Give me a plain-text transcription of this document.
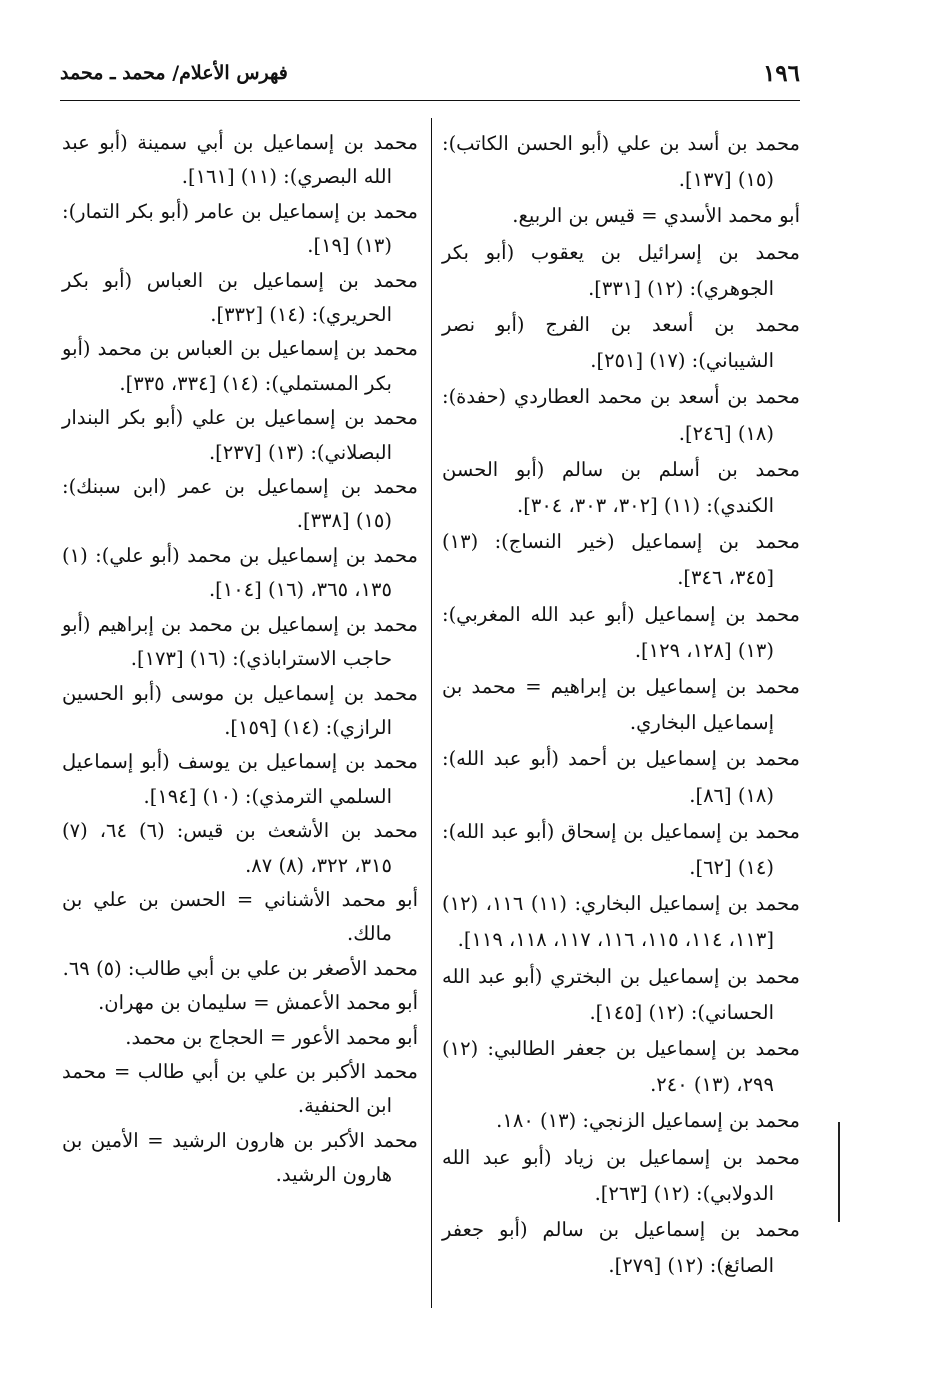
١٩٦
فهرس الأعلام/ محمد ـ محمد

محمد بن أسد بن علي (أبو الحسن الكاتب): (١٥) [١٣٧].

أبو محمد الأسدي = قيس بن الربيع.

محمد بن إسرائيل بن يعقوب (أبو بكر الجوهري): (١٢) [٣٣١].

محمد بن أسعد بن الفرج (أبو نصر الشيباني): (١٧) [٢٥١].

محمد بن أسعد بن محمد العطاردي (حفدة): (١٨) [٢٤٦].

محمد بن أسلم بن سالم (أبو الحسن الكندي): (١١) [٣٠٢، ٣٠٣، ٣٠٤].

محمد بن إسماعيل (خير النساج): (١٣) [٣٤٥، ٣٤٦].

محمد بن إسماعيل (أبو عبد الله المغربي): (١٣) [١٢٨، ١٢٩].

محمد بن إسماعيل بن إبراهيم = محمد بن إسماعيل البخاري.

محمد بن إسماعيل بن أحمد (أبو عبد الله): (١٨) [٨٦].

محمد بن إسماعيل بن إسحاق (أبو عبد الله): (١٤) [٦٢].

محمد بن إسماعيل البخاري: (١١) ١١٦، (١٢) [١١٣، ١١٤، ١١٥، ١١٦، ١١٧، ١١٨، ١١٩].

محمد بن إسماعيل بن البختري (أبو عبد الله الحساني): (١٢) [١٤٥].

محمد بن إسماعيل بن جعفر الطالبي: (١٢) ٢٩٩، (١٣) ٢٤٠.

محمد بن إسماعيل الزنجي: (١٣) ١٨٠.

محمد بن إسماعيل بن زياد (أبو عبد الله الدولابي): (١٢) [٢٦٣].

محمد بن إسماعيل بن سالم (أبو جعفر الصائغ): (١٢) [٢٧٩].

محمد بن إسماعيل بن أبي سمينة (أبو عبد الله البصري): (١١) [١٦١].

محمد بن إسماعيل بن عامر (أبو بكر التمار): (١٣) [١٩].

محمد بن إسماعيل بن العباس (أبو بكر الحريري): (١٤) [٣٣٢].

محمد بن إسماعيل بن العباس بن محمد (أبو بكر المستملي): (١٤) [٣٣٤، ٣٣٥].

محمد بن إسماعيل بن علي (أبو بكر البندار البصلاني): (١٣) [٢٣٧].

محمد بن إسماعيل بن عمر (ابن سبنك): (١٥) [٣٣٨].

محمد بن إسماعيل بن محمد (أبو علي): (١) ١٣٥، ٣٦٥، (١٦) [١٠٤].

محمد بن إسماعيل بن محمد بن إبراهيم (أبو حاجب الاستراباذي): (١٦) [١٧٣].

محمد بن إسماعيل بن موسى (أبو الحسين الرازي): (١٤) [١٥٩].

محمد بن إسماعيل بن يوسف (أبو إسماعيل السلمي الترمذي): (١٠) [١٩٤].

محمد بن الأشعث بن قيس: (٦) ٦٤، (٧) ٣١٥، ٣٢٢، (٨) ٨٧.

أبو محمد الأشناني = الحسن بن علي بن مالك.

محمد الأصغر بن علي بن أبي طالب: (٥) ٦٩.

أبو محمد الأعمش = سليمان بن مهران.

أبو محمد الأعور = الحجاج بن محمد.

محمد الأكبر بن علي بن أبي طالب = محمد ابن الحنفية.

محمد الأكبر بن هارون الرشيد = الأمين بن هارون الرشيد.
